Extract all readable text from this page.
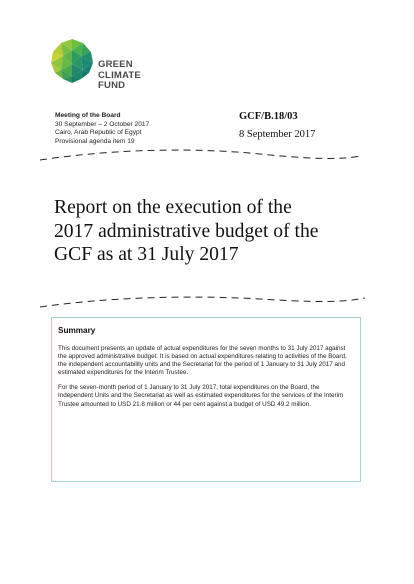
GREEN
CLIMATE
FUND
Meeting of the Board
30 September – 2 October 2017
Cairo, Arab Republic of Egypt
Provisional agenda item 19
GCF/B.18/03
8 September 2017
Report on the execution of the
2017 administrative budget of the
GCF as at 31 July 2017

Summary

This document presents an update of actual expenditures for the seven months to 31 July 2017 against the approved administrative budget. It is based on actual expenditures relating to activities of the Board, the independent accountability units and the Secretariat for the period of 1 January to 31 July 2017 and estimated expenditures for the Interim Trustee.

For the seven-month period of 1 January to 31 July 2017, total expenditures on the Board, the Independent Units and the Secretariat as well as estimated expenditures for the services of the Interim Trustee amounted to USD 21.8 million or 44 per cent against a budget of USD 49.2 million.
